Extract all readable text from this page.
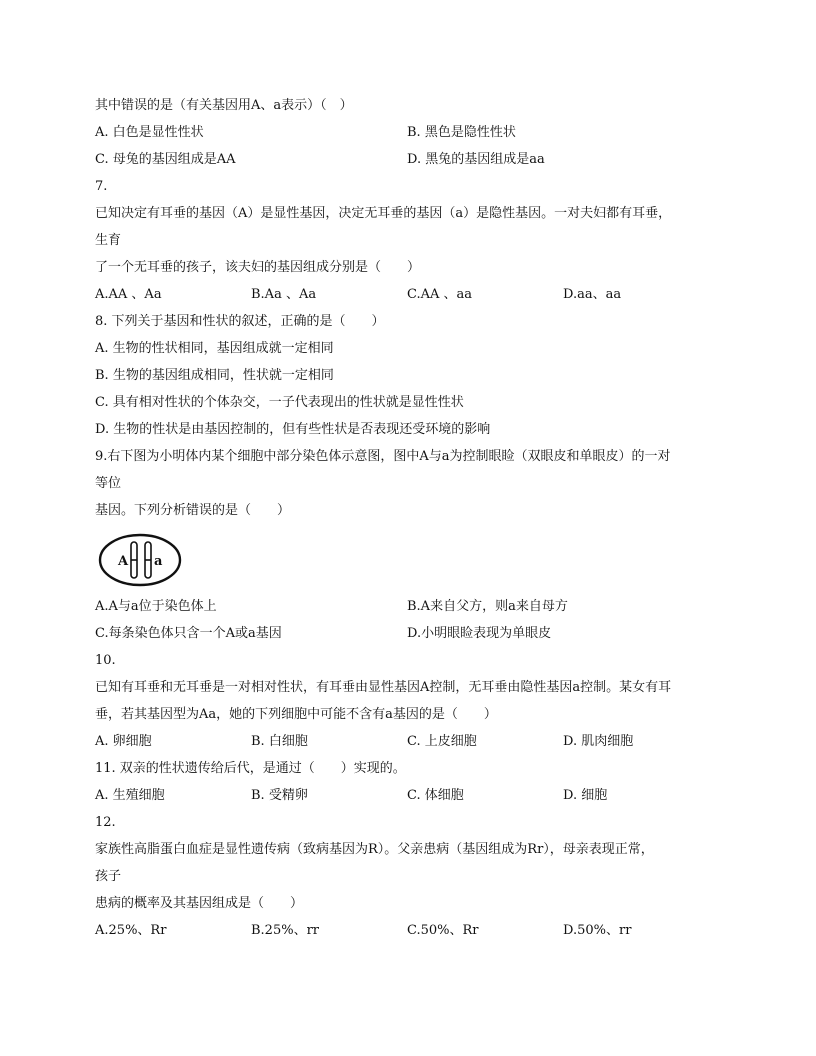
其中错误的是（有关基因用A、a表示）（　）
A. 白色是显性性状	B. 黑色是隐性性状
C. 母兔的基因组成是AA	D. 黑兔的基因组成是aa
7.
已知决定有耳垂的基因（A）是显性基因，决定无耳垂的基因（a）是隐性基因。一对夫妇都有耳垂，
生育
了一个无耳垂的孩子，该夫妇的基因组成分别是（　　）
A.AA 、Aa	B.Aa 、Aa	C.AA 、aa	D.aa、aa
8. 下列关于基因和性状的叙述，正确的是（　　）
A. 生物的性状相同，基因组成就一定相同
B. 生物的基因组成相同，性状就一定相同
C. 具有相对性状的个体杂交，一子代表现出的性状就是显性性状
D. 生物的性状是由基因控制的，但有些性状是否表现还受环境的影响
9.右下图为小明体内某个细胞中部分染色体示意图，图中A与a为控制眼睑（双眼皮和单眼皮）的一对
等位
基因。下列分析错误的是（　　）
A a
A.A与a位于染色体上	B.A来自父方，则a来自母方
C.每条染色体只含一个A或a基因	D.小明眼睑表现为单眼皮
10.
已知有耳垂和无耳垂是一对相对性状，有耳垂由显性基因A控制，无耳垂由隐性基因a控制。某女有耳
垂，若其基因型为Aa，她的下列细胞中可能不含有a基因的是（　　）
A. 卵细胞	B. 白细胞	C. 上皮细胞	D. 肌肉细胞
11. 双亲的性状遗传给后代，是通过（　　）实现的。
A. 生殖细胞	B. 受精卵	C. 体细胞	D. 细胞
12.
家族性高脂蛋白血症是显性遗传病（致病基因为R）。父亲患病（基因组成为Rr），母亲表现正常，
孩子
患病的概率及其基因组成是（　　）
A.25%、Rr	B.25%、rr	C.50%、Rr	D.50%、rr
